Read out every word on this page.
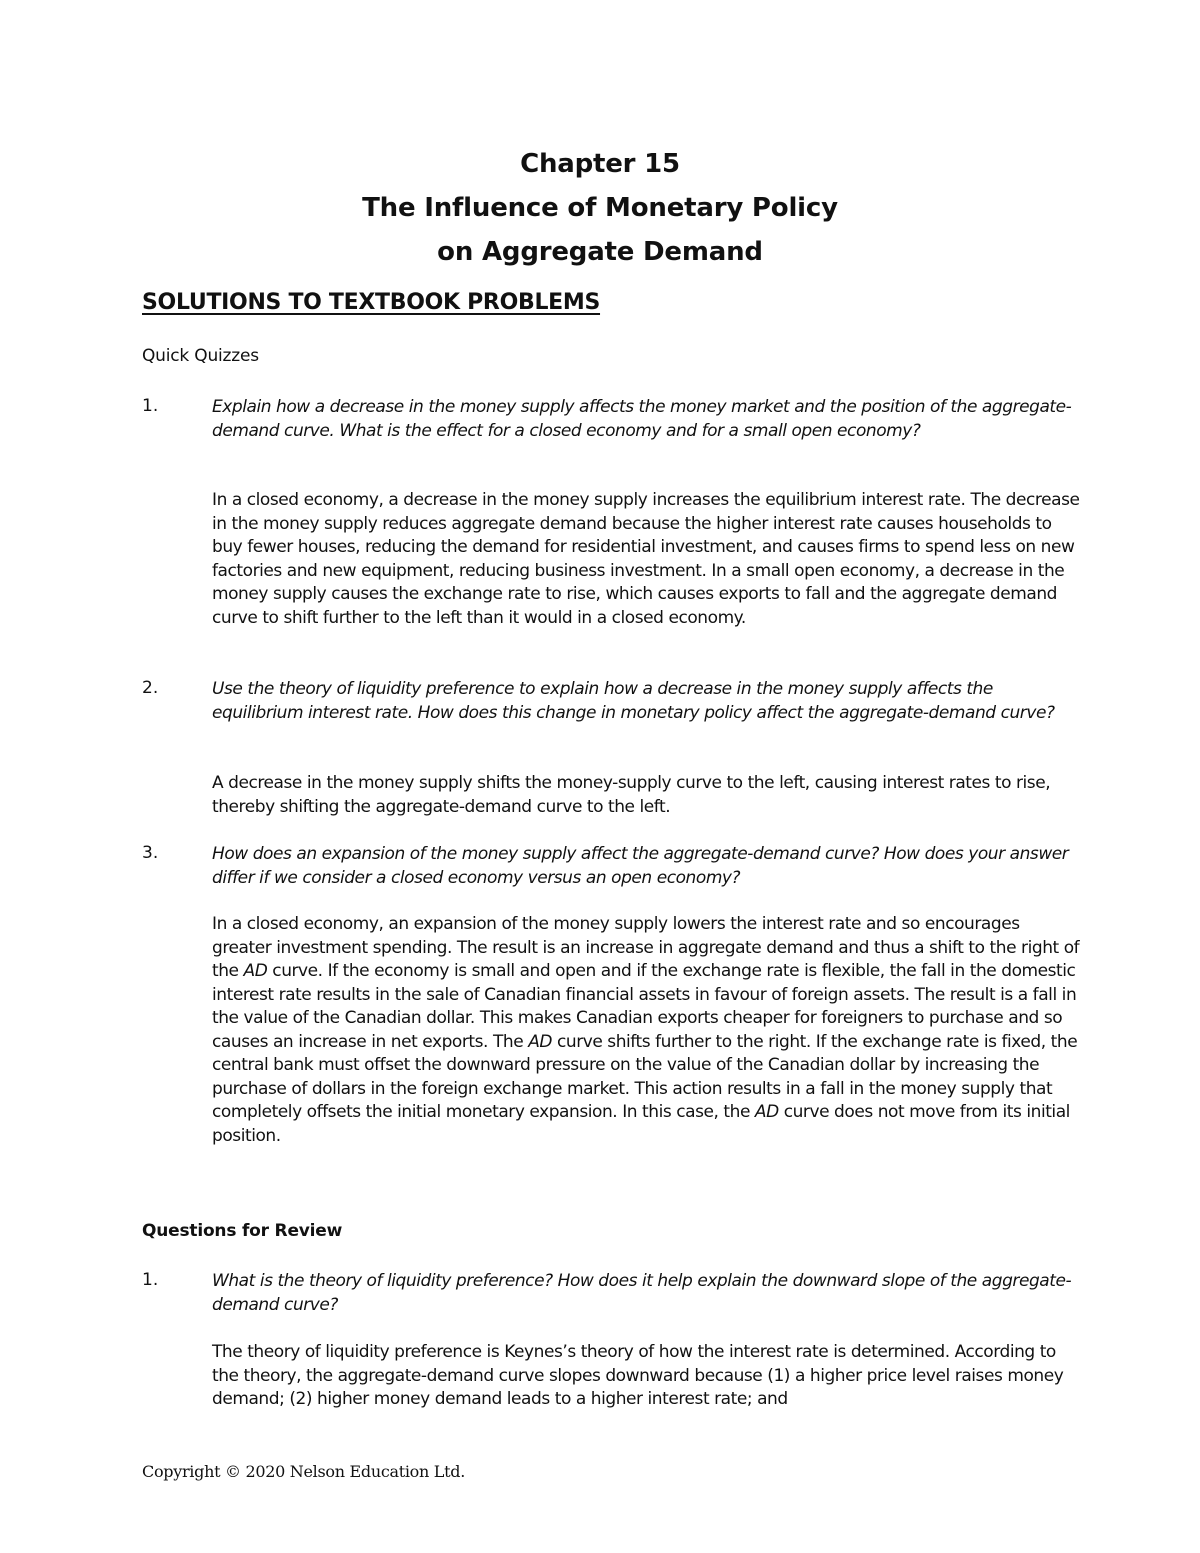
Chapter 15
The Influence of Monetary Policy
on Aggregate Demand
SOLUTIONS TO TEXTBOOK PROBLEMS
Quick Quizzes
1.	Explain how a decrease in the money supply affects the money market and the position of the aggregate-demand curve. What is the effect for a closed economy and for a small open economy?
In a closed economy, a decrease in the money supply increases the equilibrium interest rate. The decrease in the money supply reduces aggregate demand because the higher interest rate causes households to buy fewer houses, reducing the demand for residential investment, and causes firms to spend less on new factories and new equipment, reducing business investment. In a small open economy, a decrease in the money supply causes the exchange rate to rise, which causes exports to fall and the aggregate demand curve to shift further to the left than it would in a closed economy.
2.	Use the theory of liquidity preference to explain how a decrease in the money supply affects the equilibrium interest rate. How does this change in monetary policy affect the aggregate-demand curve?
A decrease in the money supply shifts the money-supply curve to the left, causing interest rates to rise, thereby shifting the aggregate-demand curve to the left.
3.	How does an expansion of the money supply affect the aggregate-demand curve? How does your answer differ if we consider a closed economy versus an open economy?
In a closed economy, an expansion of the money supply lowers the interest rate and so encourages greater investment spending. The result is an increase in aggregate demand and thus a shift to the right of the AD curve. If the economy is small and open and if the exchange rate is flexible, the fall in the domestic interest rate results in the sale of Canadian financial assets in favour of foreign assets. The result is a fall in the value of the Canadian dollar. This makes Canadian exports cheaper for foreigners to purchase and so causes an increase in net exports. The AD curve shifts further to the right. If the exchange rate is fixed, the central bank must offset the downward pressure on the value of the Canadian dollar by increasing the purchase of dollars in the foreign exchange market. This action results in a fall in the money supply that completely offsets the initial monetary expansion. In this case, the AD curve does not move from its initial position.
Questions for Review
1.	What is the theory of liquidity preference? How does it help explain the downward slope of the aggregate-demand curve?
The theory of liquidity preference is Keynes’s theory of how the interest rate is determined. According to the theory, the aggregate-demand curve slopes downward because (1) a higher price level raises money demand; (2) higher money demand leads to a higher interest rate; and
Copyright © 2020 Nelson Education Ltd.
